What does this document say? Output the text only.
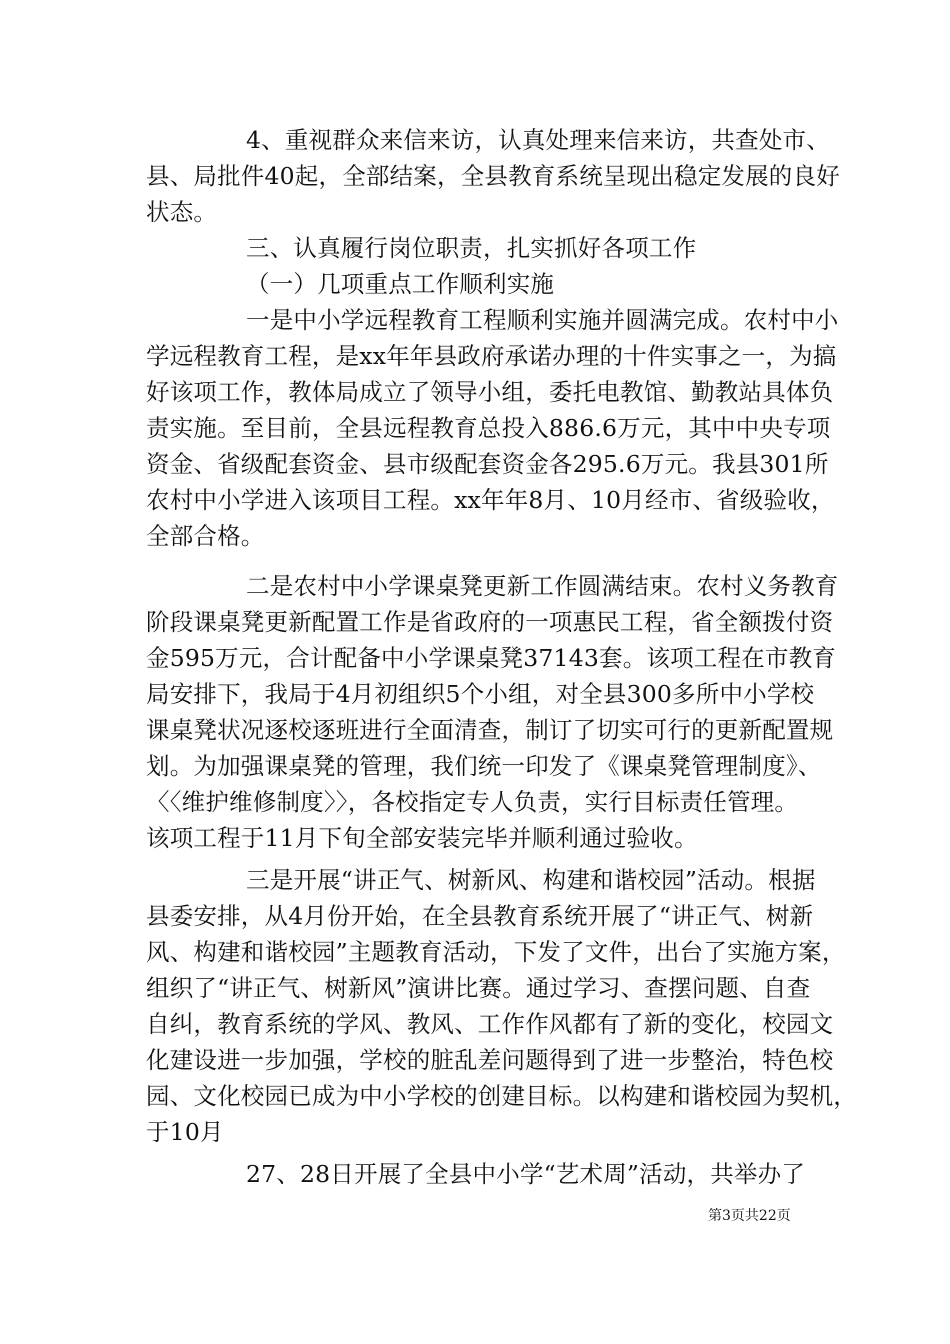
4、重视群众来信来访，认真处理来信来访，共查处市、
县、局批件40起，全部结案，全县教育系统呈现出稳定发展的良好
状态。
三、认真履行岗位职责，扎实抓好各项工作
（一）几项重点工作顺利实施
一是中小学远程教育工程顺利实施并圆满完成。农村中小
学远程教育工程，是xx年年县政府承诺办理的十件实事之一，为搞
好该项工作，教体局成立了领导小组，委托电教馆、勤教站具体负
责实施。至目前，全县远程教育总投入886.6万元，其中中央专项
资金、省级配套资金、县市级配套资金各295.6万元。我县301所
农村中小学进入该项目工程。xx年年8月、10月经市、省级验收，
全部合格。
二是农村中小学课桌凳更新工作圆满结束。农村义务教育
阶段课桌凳更新配置工作是省政府的一项惠民工程，省全额拨付资
金595万元，合计配备中小学课桌凳37143套。该项工程在市教育
局安排下，我局于4月初组织5个小组，对全县300多所中小学校
课桌凳状况逐校逐班进行全面清查，制订了切实可行的更新配置规
划。为加强课桌凳的管理，我们统一印发了《课桌凳管理制度》、
〈〈维护维修制度〉〉，各校指定专人负责，实行目标责任管理。
该项工程于11月下旬全部安装完毕并顺利通过验收。
三是开展“讲正气、树新风、构建和谐校园”活动。根据
县委安排，从4月份开始，在全县教育系统开展了“讲正气、树新
风、构建和谐校园”主题教育活动，下发了文件，出台了实施方案，
组织了“讲正气、树新风”演讲比赛。通过学习、查摆问题、自查
自纠，教育系统的学风、教风、工作作风都有了新的变化，校园文
化建设进一步加强，学校的脏乱差问题得到了进一步整治，特色校
园、文化校园已成为中小学校的创建目标。以构建和谐校园为契机，
于10月
27、28日开展了全县中小学“艺术周”活动，共举办了
第3页共22页
